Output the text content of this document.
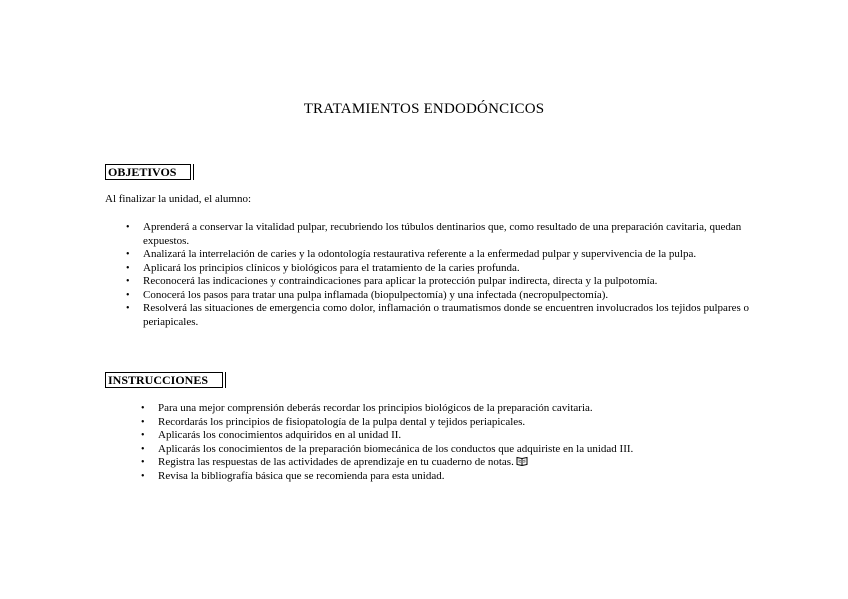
TRATAMIENTOS ENDODÓNCICOS
OBJETIVOS
Al finalizar la unidad, el alumno:
• Aprenderá a conservar la vitalidad pulpar, recubriendo los túbulos dentinarios que, como resultado de una preparación cavitaria, quedan expuestos.
• Analizará la interrelación de caries y la odontología restaurativa referente a la enfermedad pulpar y supervivencia de la pulpa.
• Aplicará los principios clínicos y biológicos para el tratamiento de la caries profunda.
• Reconocerá las indicaciones y contraindicaciones para aplicar la protección pulpar indirecta, directa y la pulpotomía.
• Conocerá los pasos para tratar una pulpa inflamada (biopulpectomía) y una infectada (necropulpectomía).
• Resolverá las situaciones de emergencia como dolor, inflamación o traumatismos donde se encuentren involucrados los tejidos pulpares o periapicales.
INSTRUCCIONES
• Para una mejor comprensión deberás recordar los principios biológicos de la preparación cavitaria.
• Recordarás los principios de fisiopatología de la pulpa dental y tejidos periapicales.
• Aplicarás los conocimientos adquiridos en al unidad II.
• Aplicarás los conocimientos de la preparación biomecánica de los conductos que adquiriste en la unidad III.
• Registra las respuestas de las actividades de aprendizaje en tu cuaderno de notas.
• Revisa la bibliografía básica que se recomienda para esta unidad.
